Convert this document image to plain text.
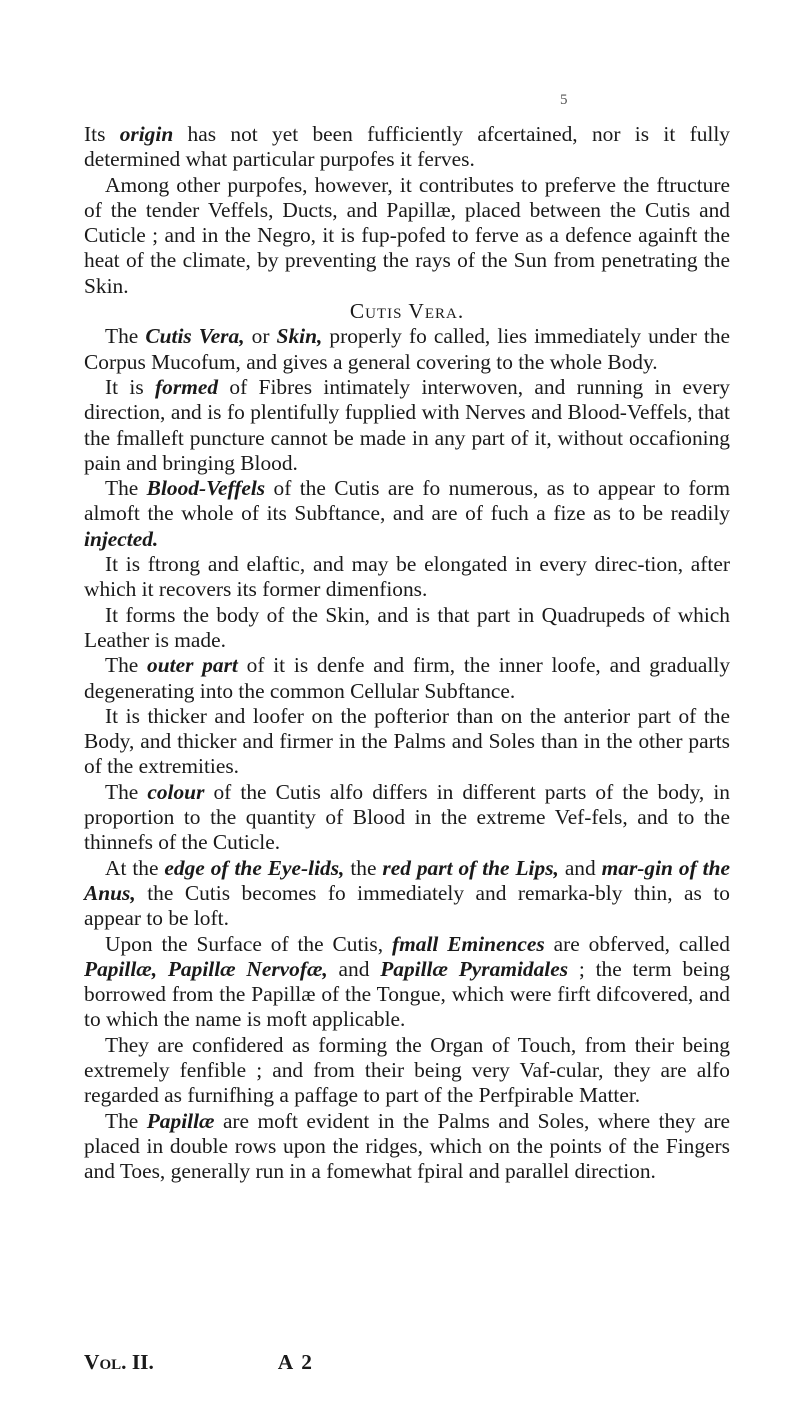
5

Its origin has not yet been fufficiently afcertained, nor is it fully determined what particular purpofes it ferves.

Among other purpofes, however, it contributes to preferve the ftructure of the tender Veffels, Ducts, and Papillæ, placed between the Cutis and Cuticle ; and in the Negro, it is fup-pofed to ferve as a defence againft the heat of the climate, by preventing the rays of the Sun from penetrating the Skin.

Cutis Vera.

The Cutis Vera, or Skin, properly fo called, lies immediately under the Corpus Mucofum, and gives a general covering to the whole Body.

It is formed of Fibres intimately interwoven, and running in every direction, and is fo plentifully fupplied with Nerves and Blood-Veffels, that the fmalleft puncture cannot be made in any part of it, without occafioning pain and bringing Blood.

The Blood-Veffels of the Cutis are fo numerous, as to appear to form almoft the whole of its Subftance, and are of fuch a fize as to be readily injected.

It is ftrong and elaftic, and may be elongated in every direc-tion, after which it recovers its former dimenfions.

It forms the body of the Skin, and is that part in Quadrupeds of which Leather is made.

The outer part of it is denfe and firm, the inner loofe, and gradually degenerating into the common Cellular Subftance.

It is thicker and loofer on the pofterior than on the anterior part of the Body, and thicker and firmer in the Palms and Soles than in the other parts of the extremities.

The colour of the Cutis alfo differs in different parts of the body, in proportion to the quantity of Blood in the extreme Vef-fels, and to the thinnefs of the Cuticle.

At the edge of the Eye-lids, the red part of the Lips, and mar-gin of the Anus, the Cutis becomes fo immediately and remarka-bly thin, as to appear to be loft.

Upon the Surface of the Cutis, fmall Eminences are obferved, called Papillæ, Papillæ Nervofæ, and Papillæ Pyramidales ; the term being borrowed from the Papillæ of the Tongue, which were firft difcovered, and to which the name is moft applicable.

They are confidered as forming the Organ of Touch, from their being extremely fenfible ; and from their being very Vaf-cular, they are alfo regarded as furnifhing a paffage to part of the Perfpirable Matter.

The Papillæ are moft evident in the Palms and Soles, where they are placed in double rows upon the ridges, which on the points of the Fingers and Toes, generally run in a fomewhat fpiral and parallel direction.

Vol. II.	A 2
